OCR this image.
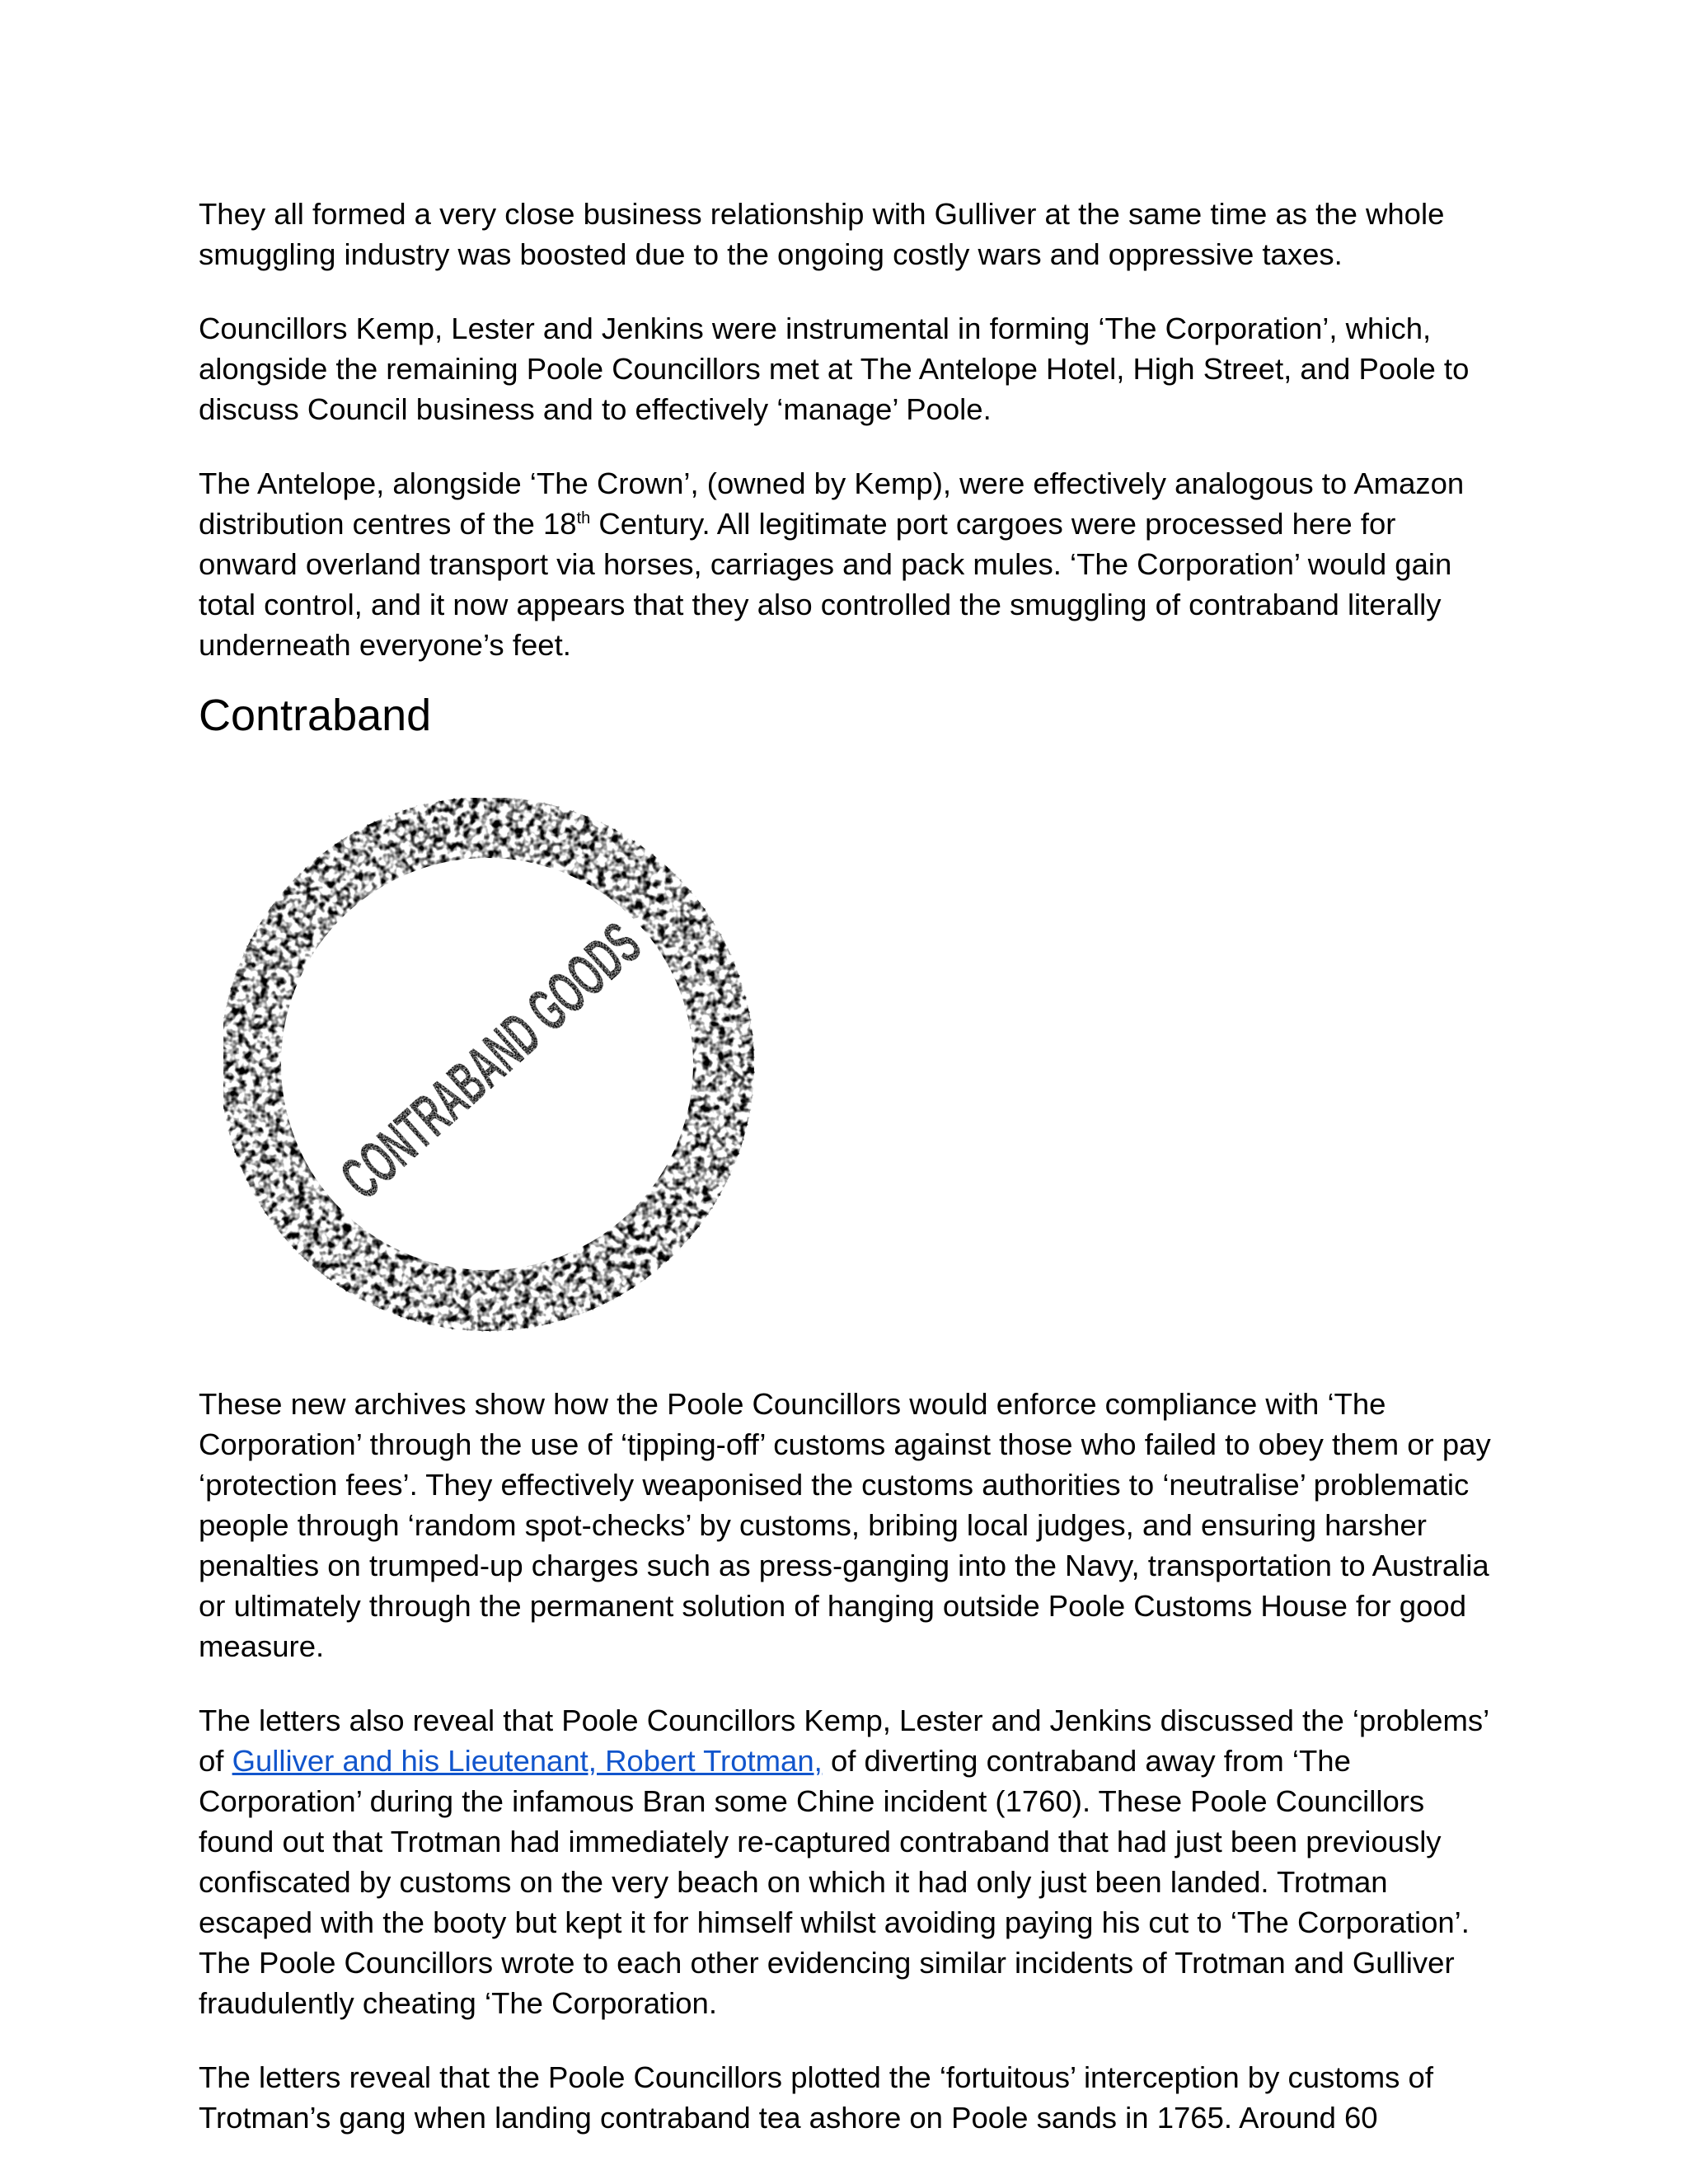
They all formed a very close business relationship with Gulliver at the same time as the whole smuggling industry was boosted due to the ongoing costly wars and oppressive taxes.

Councillors Kemp, Lester and Jenkins were instrumental in forming ‘The Corporation’, which, alongside the remaining Poole Councillors met at The Antelope Hotel, High Street, and Poole to discuss Council business and to effectively ‘manage’ Poole.

The Antelope, alongside ‘The Crown’, (owned by Kemp), were effectively analogous to Amazon distribution centres of the 18th Century. All legitimate port cargoes were processed here for onward overland transport via horses, carriages and pack mules. ‘The Corporation’ would gain total control, and it now appears that they also controlled the smuggling of contraband literally underneath everyone’s feet.

Contraband
CONTRABAND GOODS

These new archives show how the Poole Councillors would enforce compliance with ‘The Corporation’ through the use of ‘tipping-off’ customs against those who failed to obey them or pay ‘protection fees’. They effectively weaponised the customs authorities to ‘neutralise’ problematic people through ‘random spot-checks’ by customs, bribing local judges, and ensuring harsher penalties on trumped-up charges such as press-ganging into the Navy, transportation to Australia or ultimately through the permanent solution of hanging outside Poole Customs House for good measure.

The letters also reveal that Poole Councillors Kemp, Lester and Jenkins discussed the ‘problems’ of Gulliver and his Lieutenant, Robert Trotman, of diverting contraband away from ‘The Corporation’ during the infamous Bran some Chine incident (1760). These Poole Councillors found out that Trotman had immediately re-captured contraband that had just been previously confiscated by customs on the very beach on which it had only just been landed. Trotman escaped with the booty but kept it for himself whilst avoiding paying his cut to ‘The Corporation’. The Poole Councillors wrote to each other evidencing similar incidents of Trotman and Gulliver fraudulently cheating ‘The Corporation.

The letters reveal that the Poole Councillors plotted the ‘fortuitous’ interception by customs of Trotman’s gang when landing contraband tea ashore on Poole sands in 1765. Around 60
